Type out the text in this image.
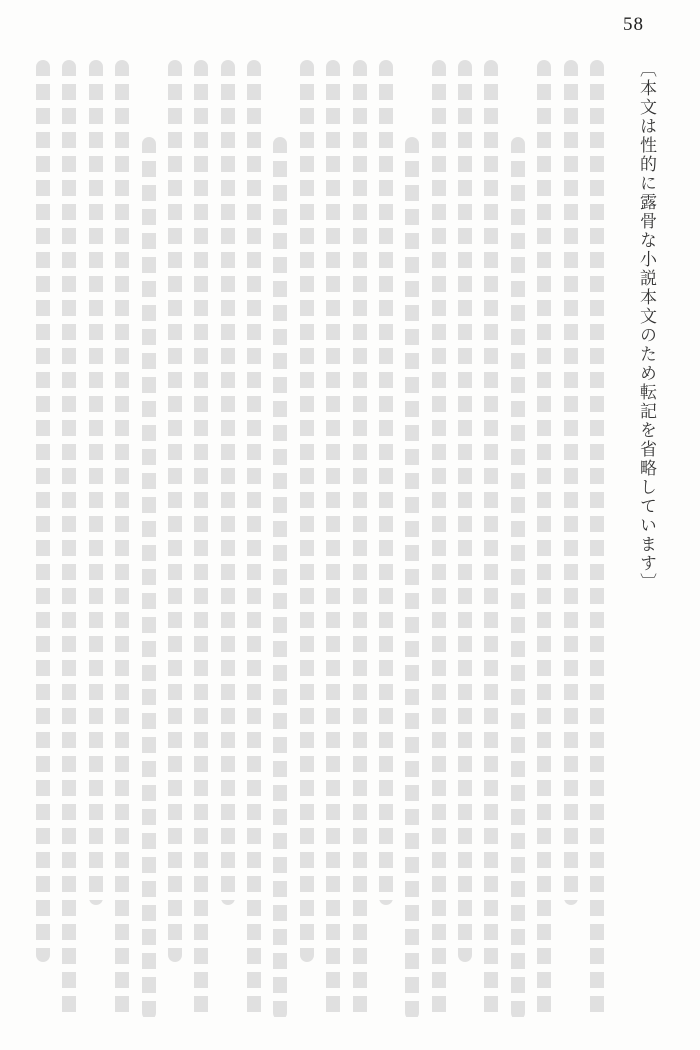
58
〔本文は性的に露骨な小説本文のため転記を省略しています〕
